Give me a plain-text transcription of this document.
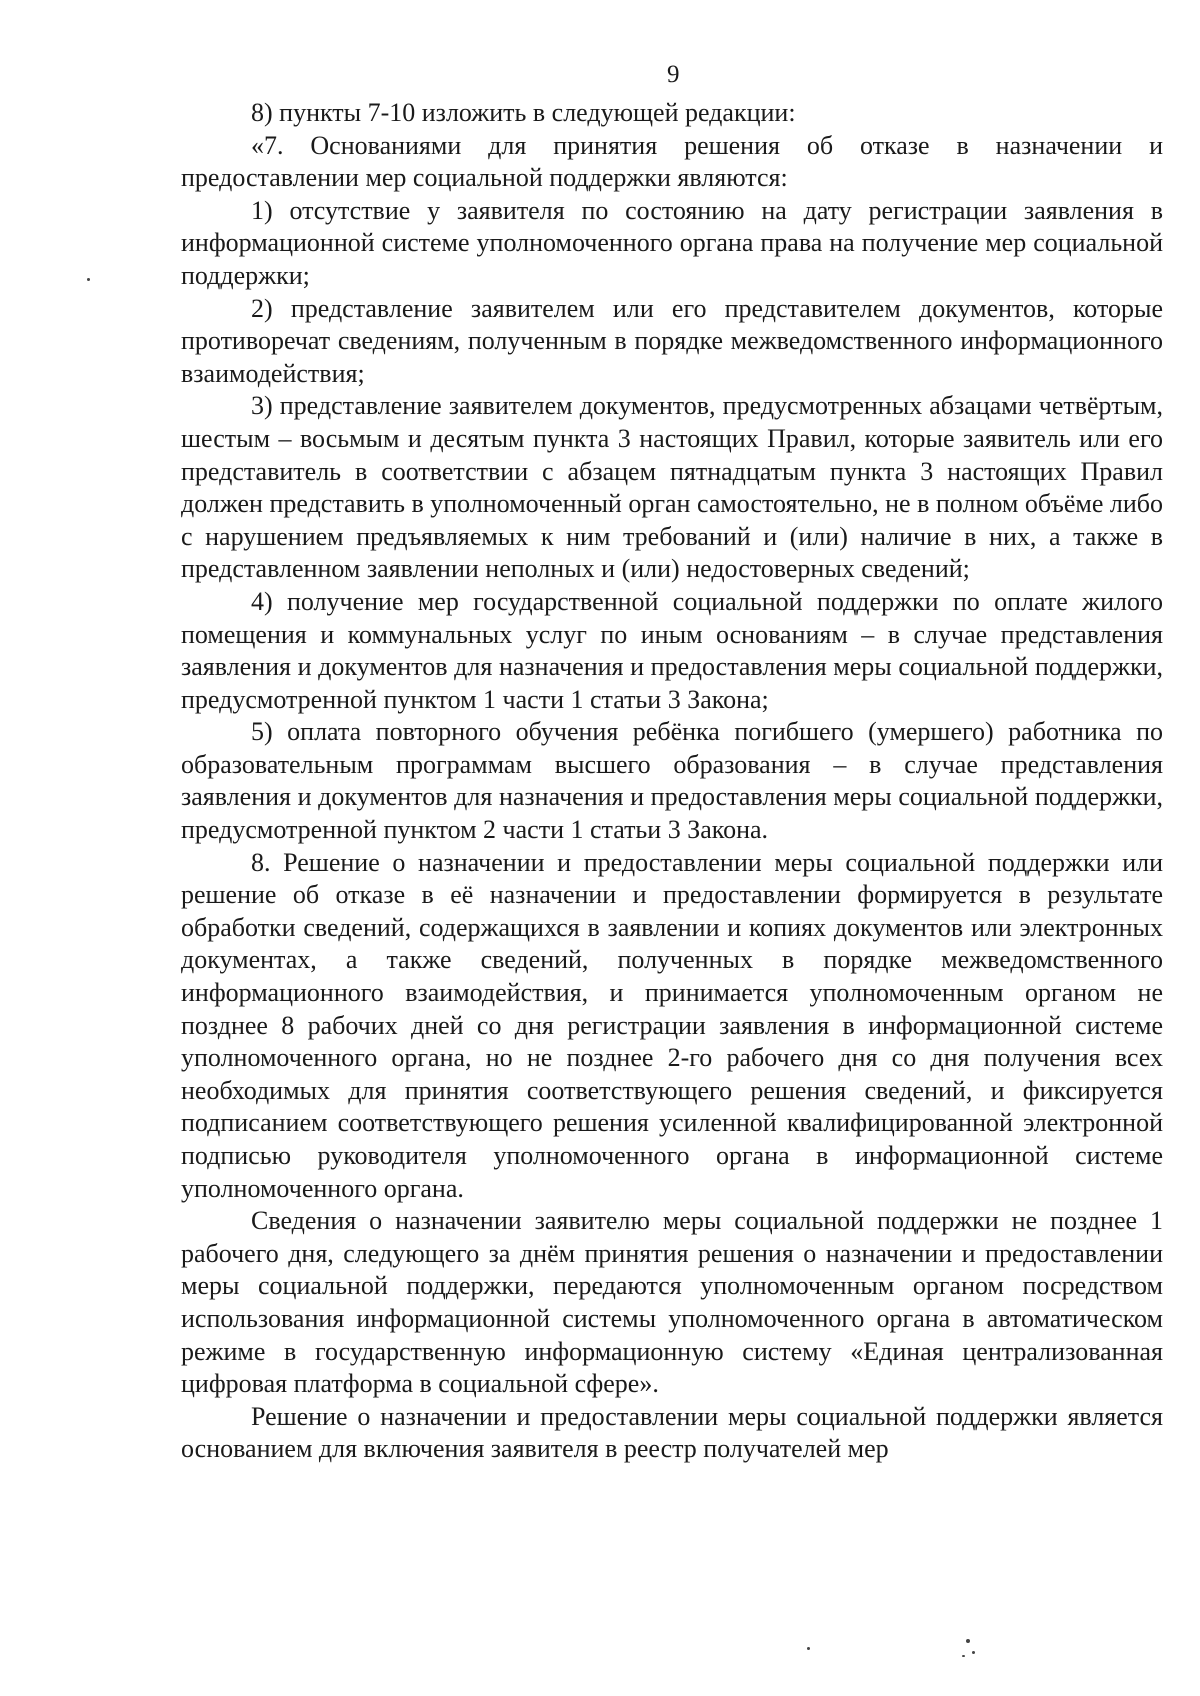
9

8) пункты 7-10 изложить в следующей редакции:

«7. Основаниями для принятия решения об отказе в назначении и предоставлении мер социальной поддержки являются:

1) отсутствие у заявителя по состоянию на дату регистрации заявления в информационной системе уполномоченного органа права на получение мер социальной поддержки;

2) представление заявителем или его представителем документов, которые противоречат сведениям, полученным в порядке межведомственного информационного взаимодействия;

3) представление заявителем документов, предусмотренных абзацами четвёртым, шестым – восьмым и десятым пункта 3 настоящих Правил, которые заявитель или его представитель в соответствии с абзацем пятнадцатым пункта 3 настоящих Правил должен представить в уполномоченный орган самостоятельно, не в полном объёме либо с нарушением предъявляемых к ним требований и (или) наличие в них, а также в представленном заявлении неполных и (или) недостоверных сведений;

4) получение мер государственной социальной поддержки по оплате жилого помещения и коммунальных услуг по иным основаниям – в случае представления заявления и документов для назначения и предоставления меры социальной поддержки, предусмотренной пунктом 1 части 1 статьи 3 Закона;

5) оплата повторного обучения ребёнка погибшего (умершего) работника по образовательным программам высшего образования – в случае представления заявления и документов для назначения и предоставления меры социальной поддержки, предусмотренной пунктом 2 части 1 статьи 3 Закона.

8. Решение о назначении и предоставлении меры социальной поддержки или решение об отказе в её назначении и предоставлении формируется в результате обработки сведений, содержащихся в заявлении и копиях документов или электронных документах, а также сведений, полученных в порядке межведомственного информационного взаимодействия, и принимается уполномоченным органом не позднее 8 рабочих дней со дня регистрации заявления в информационной системе уполномоченного органа, но не позднее 2-го рабочего дня со дня получения всех необходимых для принятия соответствующего решения сведений, и фиксируется подписанием соответствующего решения усиленной квалифицированной электронной подписью руководителя уполномоченного органа в информационной системе уполномоченного органа.

Сведения о назначении заявителю меры социальной поддержки не позднее 1 рабочего дня, следующего за днём принятия решения о назначении и предоставлении меры социальной поддержки, передаются уполномоченным органом посредством использования информационной системы уполномоченного органа в автоматическом режиме в государственную информационную систему «Единая централизованная цифровая платформа в социальной сфере».

Решение о назначении и предоставлении меры социальной поддержки является основанием для включения заявителя в реестр получателей мер
